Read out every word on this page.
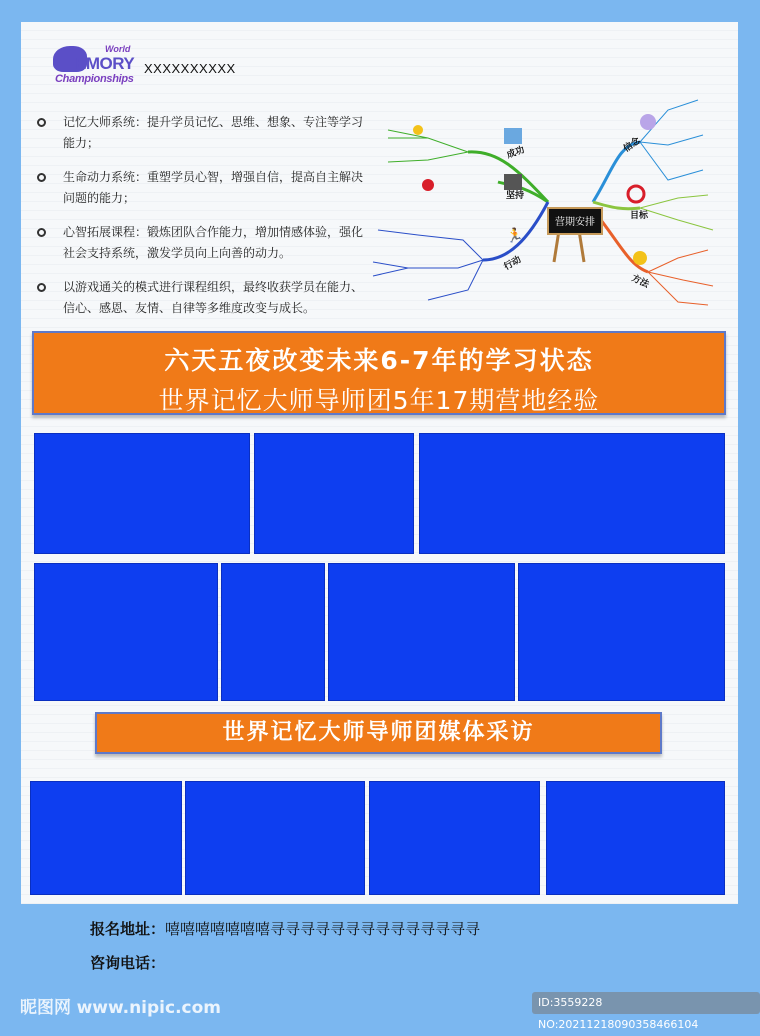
World
EMORY
Championships
XXXXXXXXXX
记忆大师系统：提升学员记忆、思维、想象、专注等学习能力；
生命动力系统：重塑学员心智，增强自信，提高自主解决问题的能力；
心智拓展课程：锻炼团队合作能力，增加情感体验，强化社会支持系统，激发学员向上向善的动力。
以游戏通关的模式进行课程组织，最终收获学员在能力、信心、感恩、友情、自律等多维度改变与成长。
营期安排
成功
坚持
行动
信念
目标
方法
🏃
六天五夜改变未来6-7年的学习状态
世界记忆大师导师团5年17期营地经验
世界记忆大师导师团媒体采访
报名地址：嘻嘻嘻嘻嘻嘻嘻寻寻寻寻寻寻寻寻寻寻寻寻寻寻
咨询电话：
昵图网 www.nipic.com	ID:3559228 NO:20211218090358466104
